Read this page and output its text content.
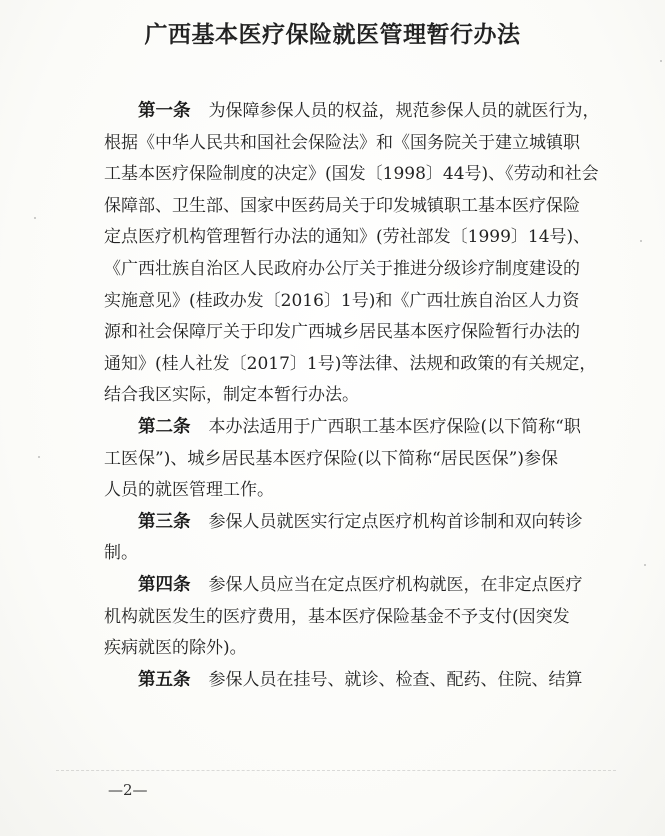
广西基本医疗保险就医管理暂行办法
第一条 为保障参保人员的权益，规范参保人员的就医行为，
根据《中华人民共和国社会保险法》和《国务院关于建立城镇职
工基本医疗保险制度的决定》(国发〔1998〕44号)、《劳动和社会
保障部、卫生部、国家中医药局关于印发城镇职工基本医疗保险
定点医疗机构管理暂行办法的通知》(劳社部发〔1999〕14号)、
《广西壮族自治区人民政府办公厅关于推进分级诊疗制度建设的
实施意见》(桂政办发〔2016〕1号)和《广西壮族自治区人力资
源和社会保障厅关于印发广西城乡居民基本医疗保险暂行办法的
通知》(桂人社发〔2017〕1号)等法律、法规和政策的有关规定，
结合我区实际，制定本暂行办法。
第二条 本办法适用于广西职工基本医疗保险(以下简称“职
工医保”)、城乡居民基本医疗保险(以下简称“居民医保”)参保
人员的就医管理工作。
第三条 参保人员就医实行定点医疗机构首诊制和双向转诊
制。
第四条 参保人员应当在定点医疗机构就医，在非定点医疗
机构就医发生的医疗费用，基本医疗保险基金不予支付(因突发
疾病就医的除外)。
第五条 参保人员在挂号、就诊、检查、配药、住院、结算
—2—
